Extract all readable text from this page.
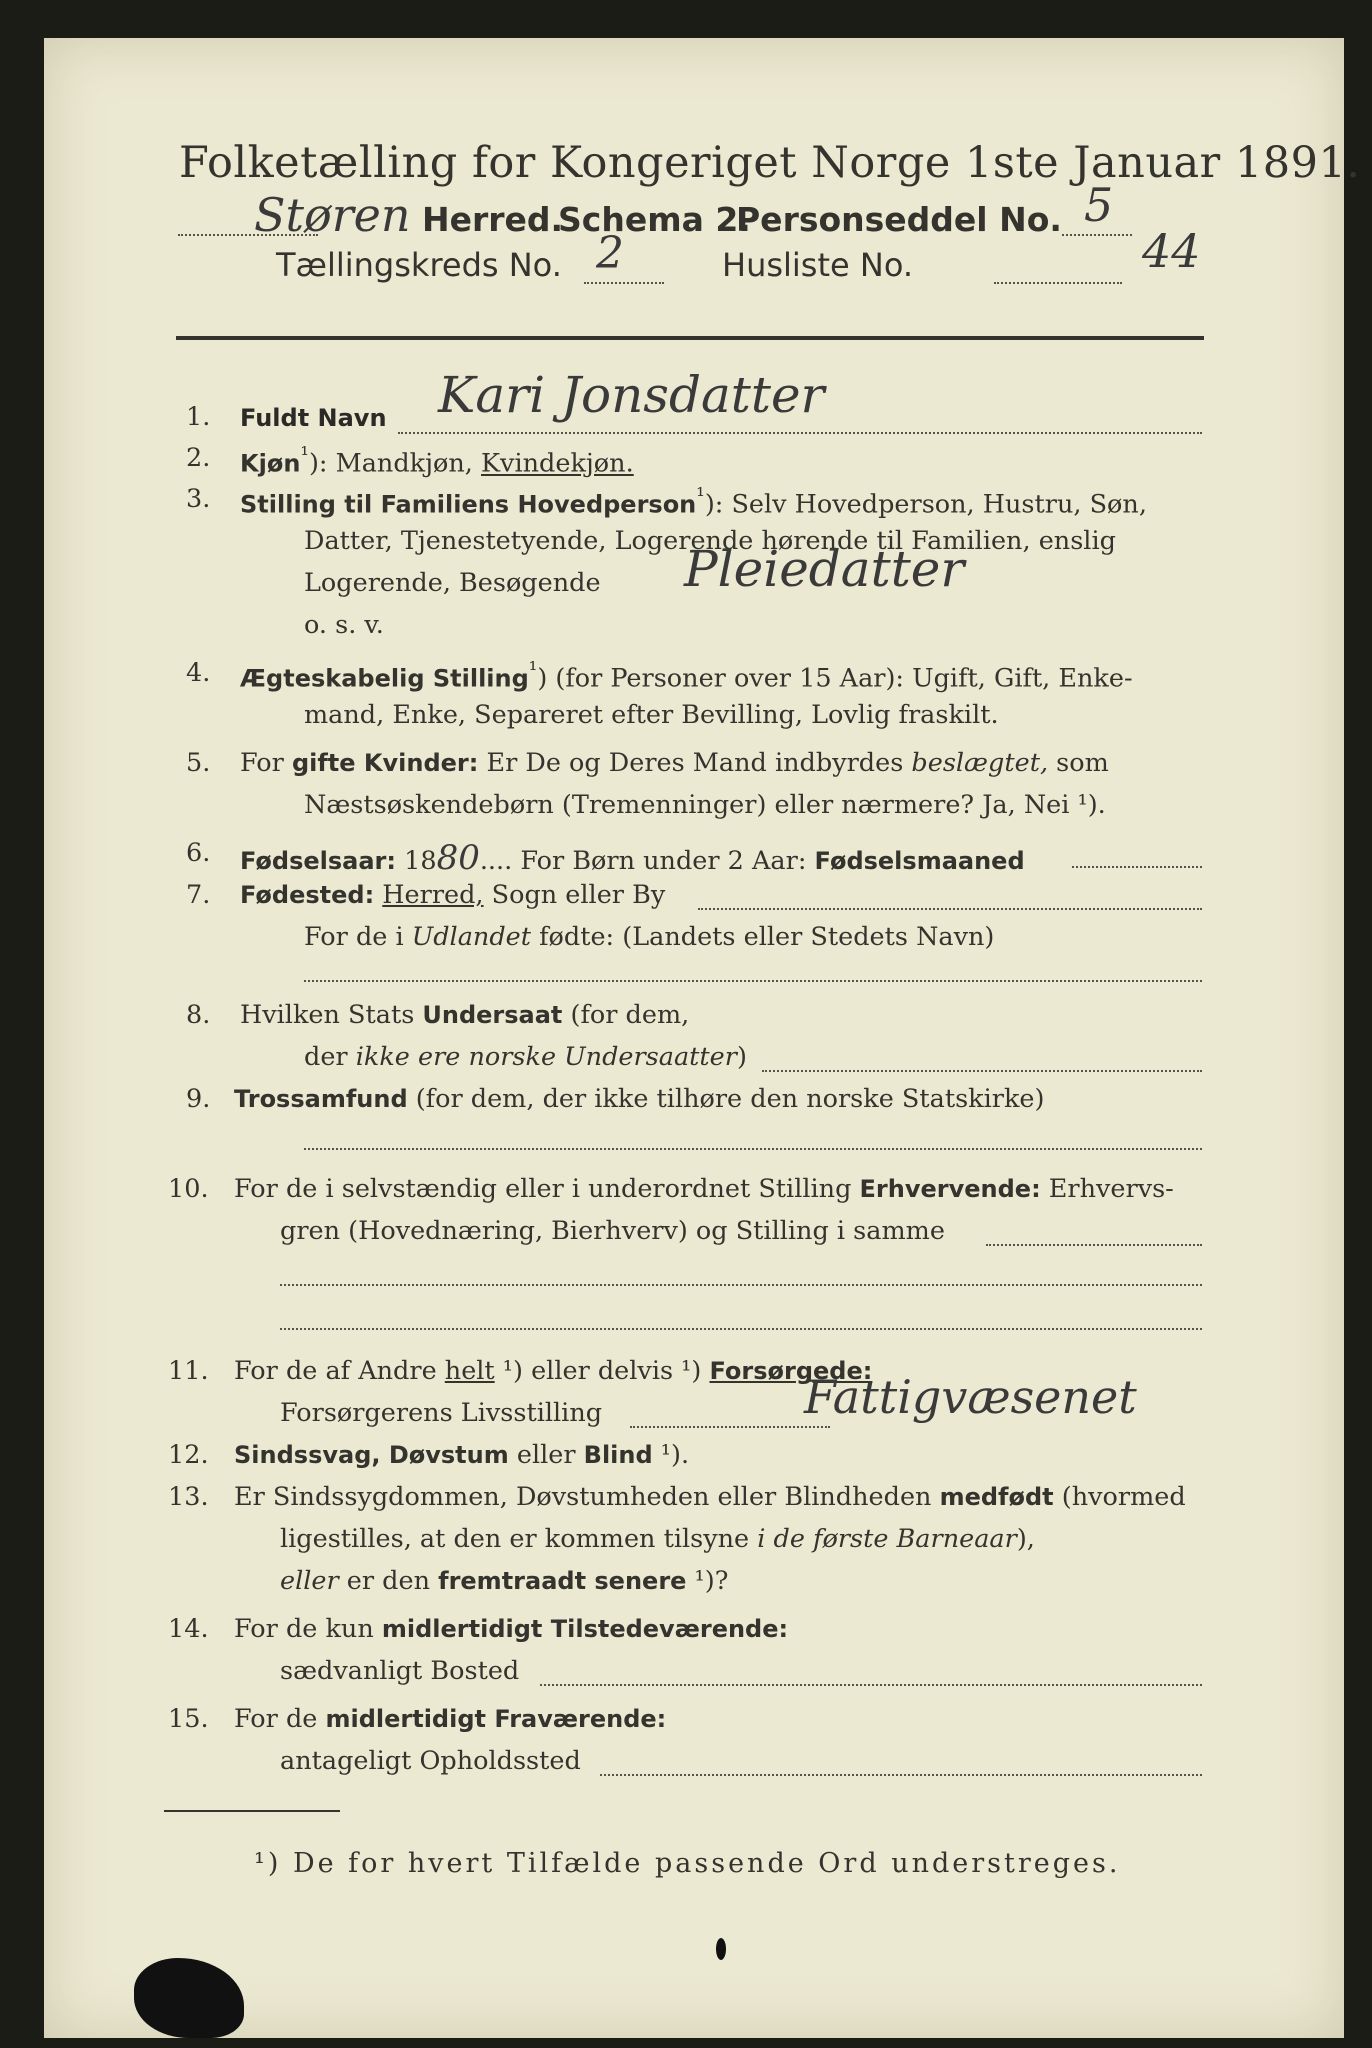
Folketælling for Kongeriget Norge 1ste Januar 1891.
Støren Herred.
Schema 2.
Personseddel No. 5
Tællingskreds No. 2	Husliste No.	44
1. Fuldt Navn Kari Jonsdatter
2. Kjøn$^{^1}$): Mandkjøn, Kvindekjøn.
3. Stilling til Familiens Hovedperson$^{^1}$): Selv Hovedperson, Hustru, Søn,
Datter, Tjenestetyende, Logerende hørende til Familien, enslig
Logerende, Besøgende Pleiedatter
o. s. v.
4. Ægteskabelig Stilling$^{^1}$) (for Personer over 15 Aar): Ugift, Gift, Enke-
mand, Enke, Separeret efter Bevilling, Lovlig fraskilt.
5. For gifte Kvinder: Er De og Deres Mand indbyrdes beslægtet, som
Næstsøskendebørn (Tremenninger) eller nærmere? Ja, Nei ¹).
6. Fødselsaar: 1880.... For Børn under 2 Aar: Fødselsmaaned
7. Fødested: Herred, Sogn eller By
For de i Udlandet fødte: (Landets eller Stedets Navn)
8. Hvilken Stats Undersaat (for dem,
der ikke ere norske Undersaatter)
9. Trossamfund (for dem, der ikke tilhøre den norske Statskirke)
10. For de i selvstændig eller i underordnet Stilling Erhvervende: Erhvervs-
gren (Hovednæring, Bierhverv) og Stilling i samme
11. For de af Andre helt ¹) eller delvis ¹) Forsørgede:
Forsørgerens Livsstilling	Fattigvæsenet
12. Sindssvag, Døvstum eller Blind ¹).
13. Er Sindssygdommen, Døvstumheden eller Blindheden medfødt (hvormed
ligestilles, at den er kommen tilsyne i de første Barneaar),
eller er den fremtraadt senere ¹)?
14. For de kun midlertidigt Tilstedeværende:
sædvanligt Bosted
15. For de midlertidigt Fraværende:
antageligt Opholdssted
¹) De for hvert Tilfælde passende Ord understreges.
